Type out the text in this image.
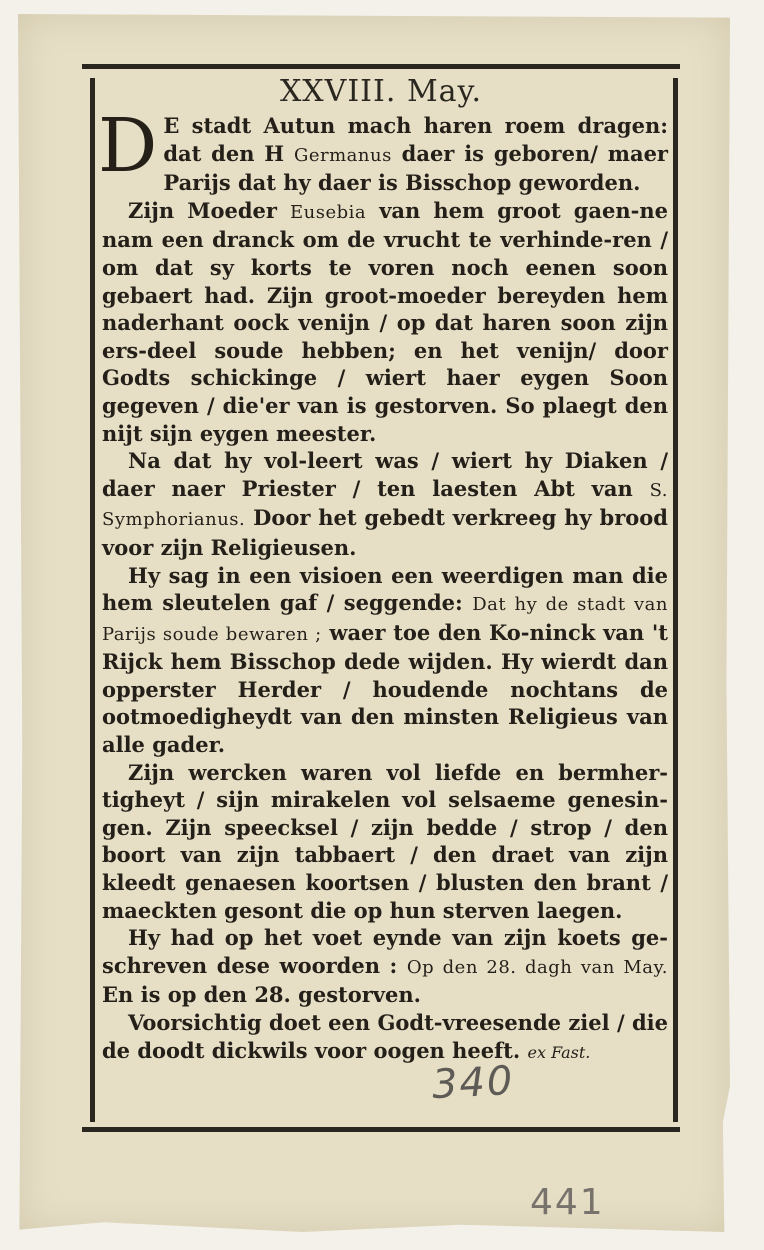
XXVIII. May.
D E stadt Autun mach haren roem dragen: dat den H Germanus daer is geboren/ maer Parijs dat hy daer is Bisschop geworden.

Zijn Moeder Eusebia van hem groot gaen-ne nam een dranck om de vrucht te verhinde-ren / om dat sy korts te voren noch eenen soon gebaert had. Zijn groot-moeder bereyden hem naderhant oock venijn / op dat haren soon zijn ers-deel soude hebben; en het venijn/ door Godts schickinge / wiert haer eygen Soon gegeven / die'er van is gestorven. So plaegt den nijt sijn eygen meester.

Na dat hy vol-leert was / wiert hy Diaken / daer naer Priester / ten laesten Abt van S. Symphorianus. Door het gebedt verkreeg hy brood voor zijn Religieusen.

Hy sag in een visioen een weerdigen man die hem sleutelen gaf / seggende: Dat hy de stadt van Parijs soude bewaren ; waer toe den Ko-ninck van 't Rijck hem Bisschop dede wijden. Hy wierdt dan opperster Herder / houdende nochtans de ootmoedigheydt van den minsten Religieus van alle gader.

Zijn wercken waren vol liefde en bermher-tigheyt / sijn mirakelen vol selsaeme genesin-gen. Zijn speecksel / zijn bedde / strop / den boort van zijn tabbaert / den draet van zijn kleedt genaesen koortsen / blusten den brant / maeckten gesont die op hun sterven laegen.

Hy had op het voet eynde van zijn koets ge-schreven dese woorden : Op den 28. dagh van May. En is op den 28. gestorven.

Voorsichtig doet een Godt-vreesende ziel / die de doodt dickwils voor oogen heeft. ex Fast.

340
441
